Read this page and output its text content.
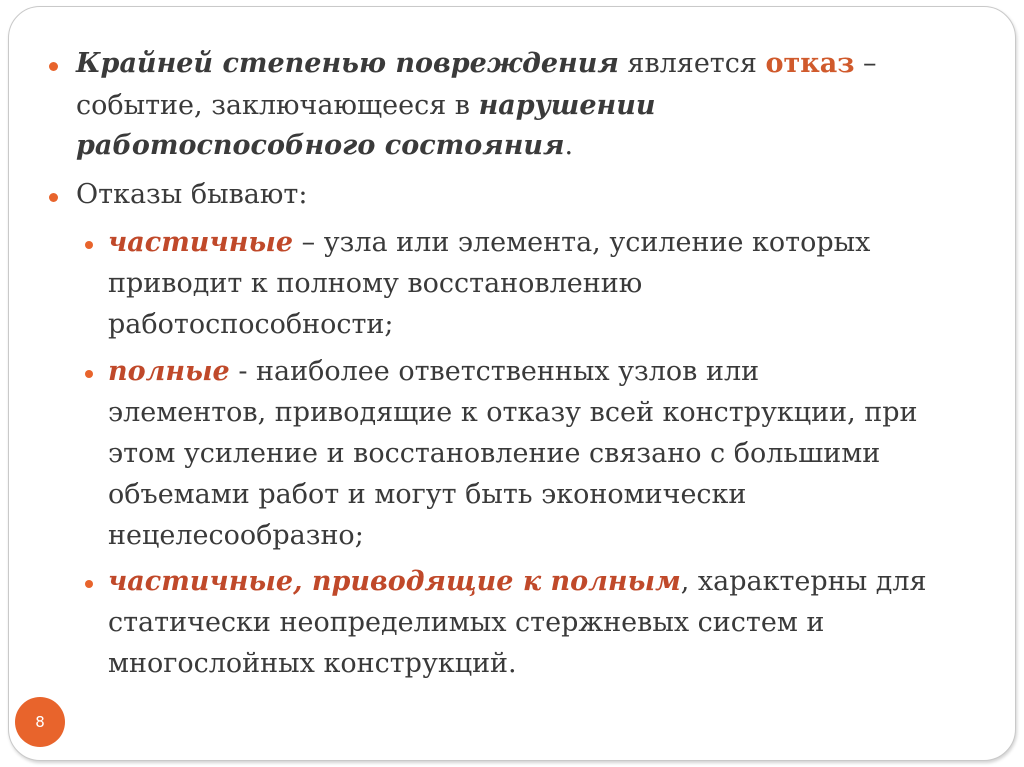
Крайней степенью повреждения является отказ –
событие, заключающееся в нарушении
работоспособного состояния.
Отказы бывают:
частичные – узла или элемента, усиление которых
приводит к полному восстановлению
работоспособности;
полные - наиболее ответственных узлов или
элементов, приводящие к отказу всей конструкции, при
этом усиление и восстановление связано с большими
объемами работ и могут быть экономически
нецелесообразно;
частичные, приводящие к полным, характерны для
статически неопределимых стержневых систем и
многослойных конструкций.
8
